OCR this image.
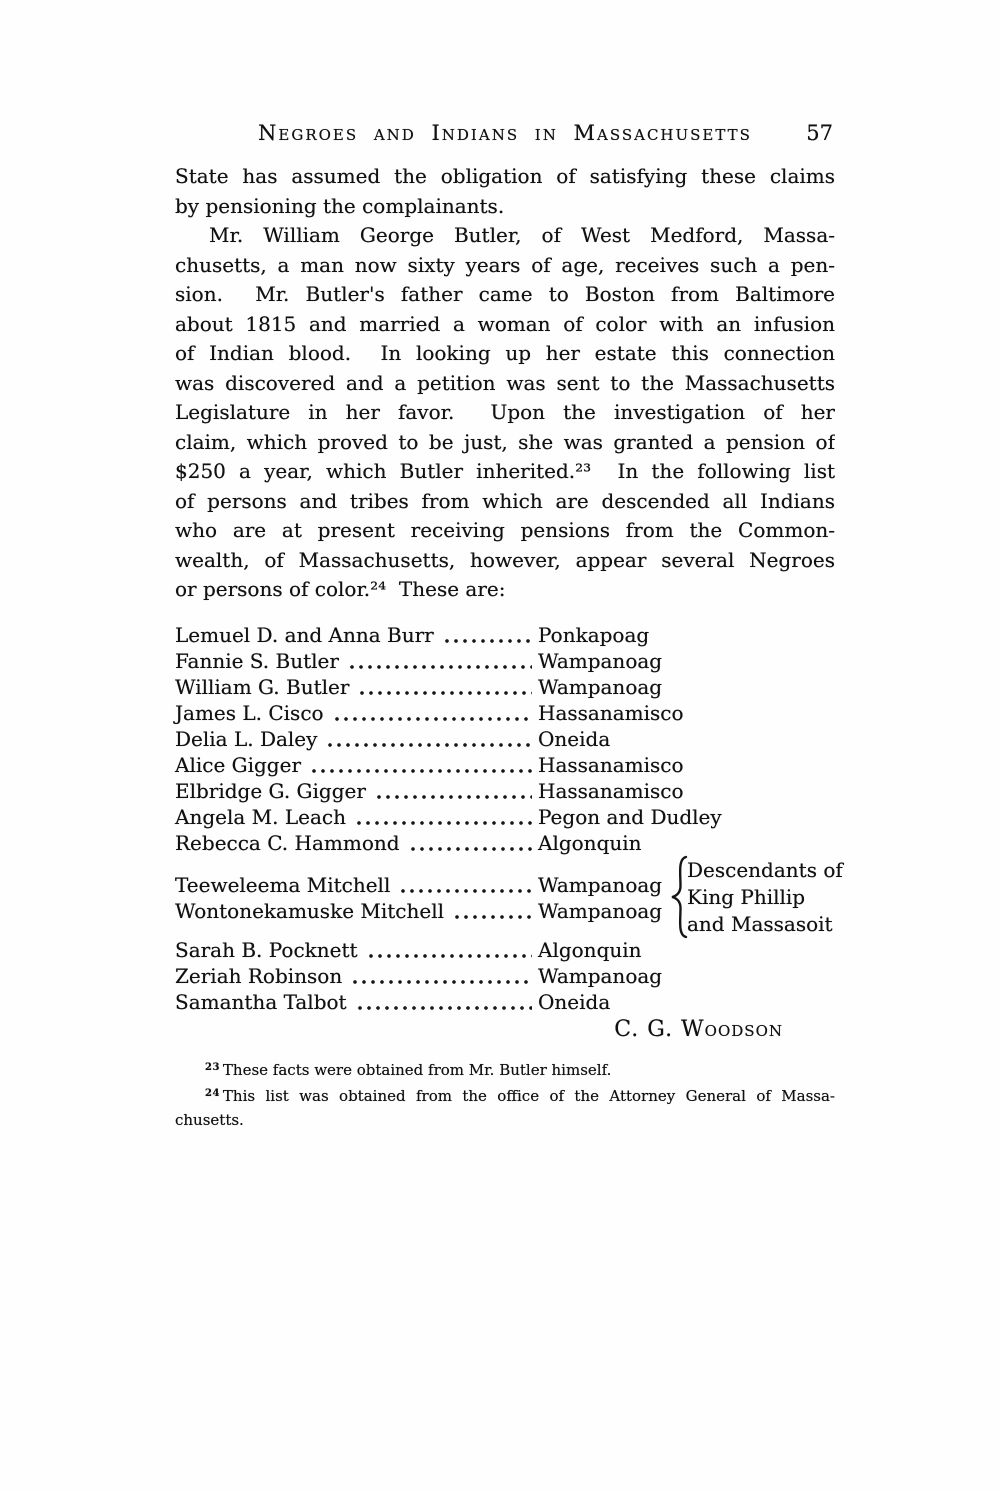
Negroes and Indians in Massachusetts	57
State has assumed the obligation of satisfying these claims
by pensioning the complainants.
Mr. William George Butler, of West Medford, Massa-
chusetts, a man now sixty years of age, receives such a pen-
sion.  Mr. Butler's father came to Boston from Baltimore
about 1815 and married a woman of color with an infusion
of Indian blood.  In looking up her estate this connection
was discovered and a petition was sent to the Massachusetts
Legislature in her favor.  Upon the investigation of her
claim, which proved to be just, she was granted a pension of
$250 a year, which Butler inherited.²³  In the following list
of persons and tribes from which are descended all Indians
who are at present receiving pensions from the Common-
wealth, of Massachusetts, however, appear several Negroes
or persons of color.²⁴  These are:
Lemuel D. and Anna Burr	Ponkapoag
Fannie S. Butler	Wampanoag
William G. Butler	Wampanoag
James L. Cisco	Hassanamisco
Delia L. Daley	Oneida
Alice Gigger	Hassanamisco
Elbridge G. Gigger	Hassanamisco
Angela M. Leach	Pegon and Dudley
Rebecca C. Hammond	Algonquin
Teeweleema Mitchell	Wampanoag
Wontonekamuske Mitchell	Wampanoag
Descendants of
King Phillip
and Massasoit
Sarah B. Pocknett	Algonquin
Zeriah Robinson	Wampanoag
Samantha Talbot	Oneida
C. G. Woodson
$^{23}$ These facts were obtained from Mr. Butler himself.
$^{24}$ This list was obtained from the office of the Attorney General of Massa-
chusetts.
